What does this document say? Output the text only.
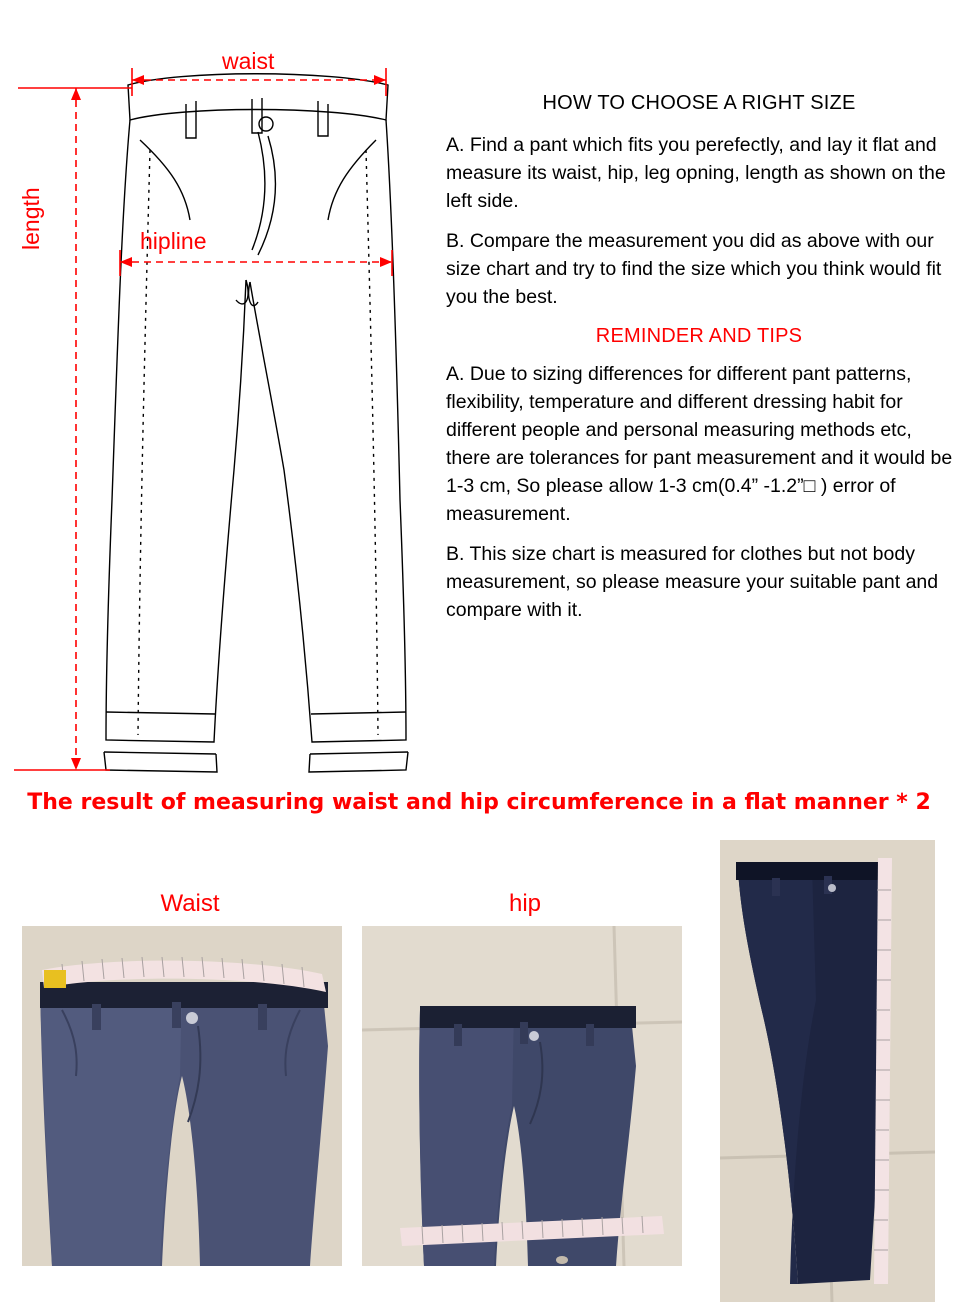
waist
hipline
length

HOW TO CHOOSE A RIGHT SIZE

A. Find a pant which fits you perefectly, and lay it flat and measure its waist, hip, leg opning, length as shown on the left side.

B. Compare the measurement you did as above with our size chart and try to find the size which you think would fit you the best.

REMINDER AND TIPS

A. Due to sizing differences for different pant patterns, flexibility, temperature and different dressing habit for different people and personal measuring methods etc, there are tolerances for pant measurement and it would be 1-3 cm, So please allow 1-3 cm(0.4” -1.2”□ ) error of measurement.

B. This size chart is measured for clothes but not body measurement, so please measure your suitable pant and compare with it.

The result of measuring waist and hip circumference in a flat manner * 2
Waist	hip
